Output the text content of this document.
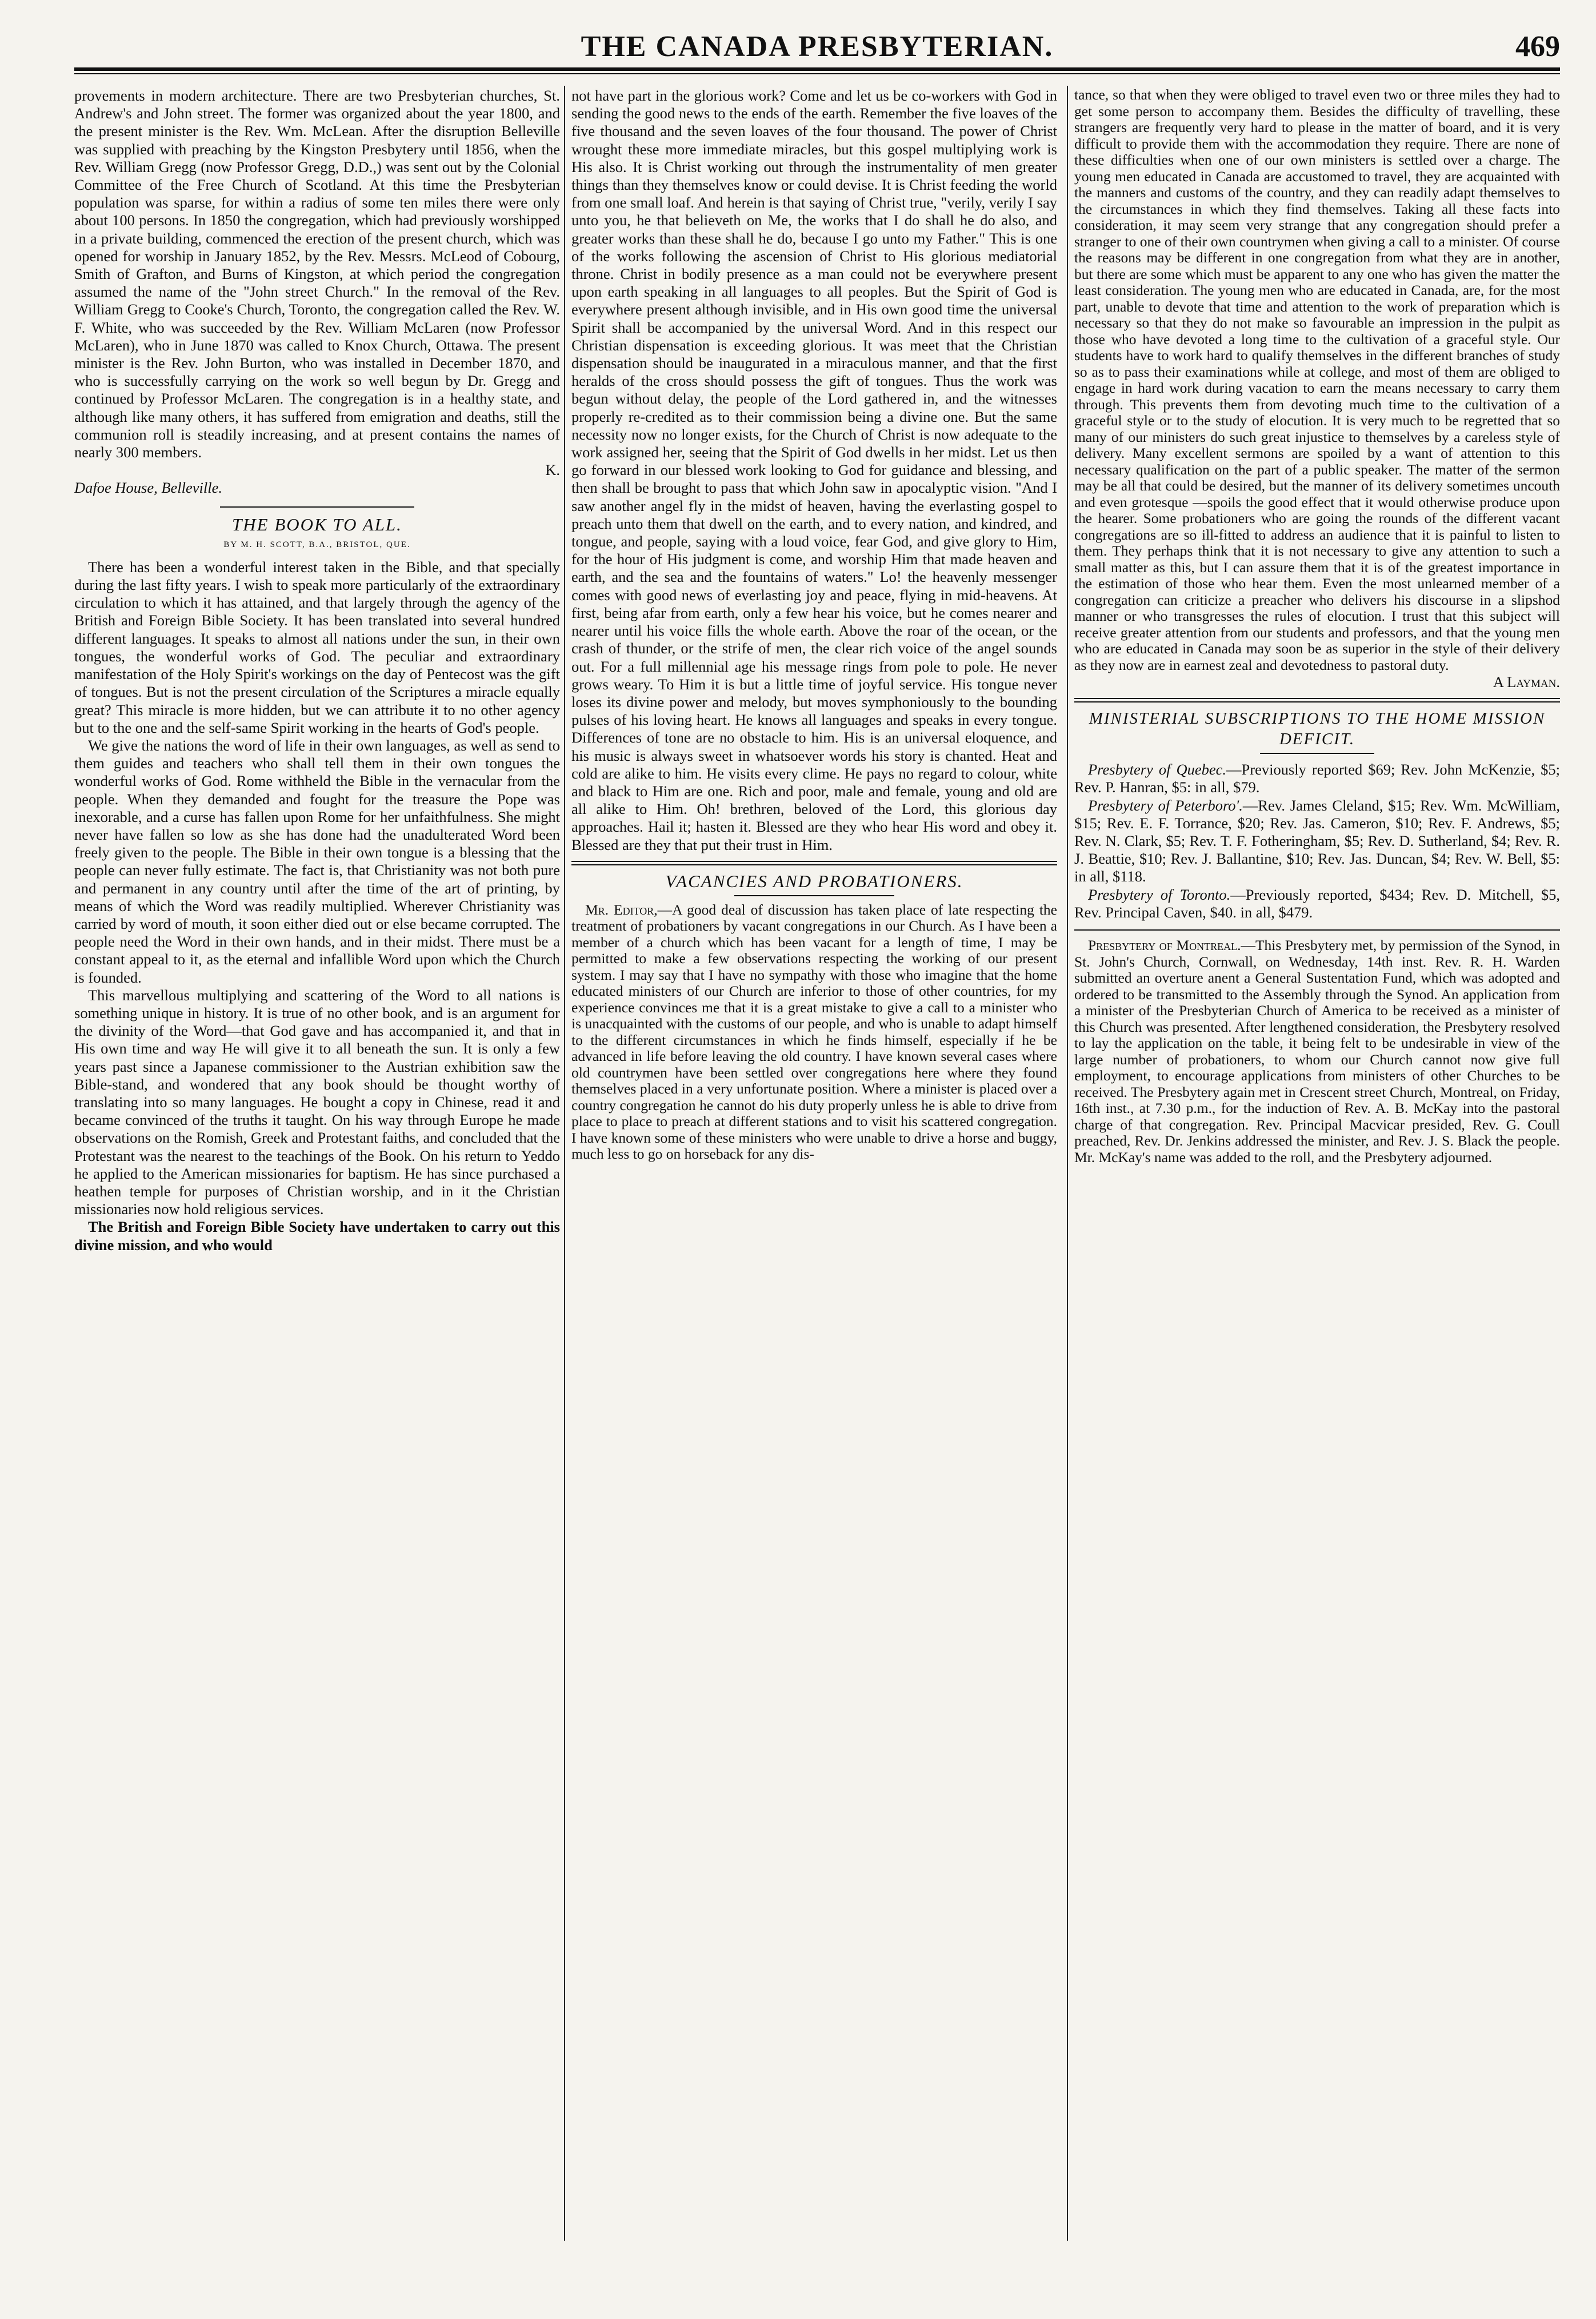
THE CANADA PRESBYTERIAN.	469

provements in modern architecture. There are two Presbyterian churches, St. Andrew's and John street. The former was organized about the year 1800, and the present minister is the Rev. Wm. McLean. After the disruption Belleville was supplied with preaching by the Kingston Presbytery until 1856, when the Rev. William Gregg (now Professor Gregg, D.D.,) was sent out by the Colonial Committee of the Free Church of Scotland. At this time the Presbyterian population was sparse, for within a radius of some ten miles there were only about 100 persons. In 1850 the congregation, which had previously worshipped in a private building, commenced the erection of the present church, which was opened for worship in January 1852, by the Rev. Messrs. McLeod of Cobourg, Smith of Grafton, and Burns of Kingston, at which period the congregation assumed the name of the "John street Church." In the removal of the Rev. William Gregg to Cooke's Church, Toronto, the congregation called the Rev. W. F. White, who was succeeded by the Rev. William McLaren (now Professor McLaren), who in June 1870 was called to Knox Church, Ottawa. The present minister is the Rev. John Burton, who was installed in December 1870, and who is successfully carrying on the work so well begun by Dr. Gregg and continued by Professor McLaren. The congregation is in a healthy state, and although like many others, it has suffered from emigration and deaths, still the communion roll is steadily increasing, and at present contains the names of nearly 300 members.

K.

Dafoe House, Belleville.

THE BOOK TO ALL.
BY M. H. SCOTT, B.A., BRISTOL, QUE.

There has been a wonderful interest taken in the Bible, and that specially during the last fifty years. I wish to speak more particularly of the extraordinary circulation to which it has attained, and that largely through the agency of the British and Foreign Bible Society. It has been translated into several hundred different languages. It speaks to almost all nations under the sun, in their own tongues, the wonderful works of God. The peculiar and extraordinary manifestation of the Holy Spirit's workings on the day of Pentecost was the gift of tongues. But is not the present circulation of the Scriptures a miracle equally great? This miracle is more hidden, but we can attribute it to no other agency but to the one and the self-same Spirit working in the hearts of God's people.

We give the nations the word of life in their own languages, as well as send to them guides and teachers who shall tell them in their own tongues the wonderful works of God. Rome withheld the Bible in the vernacular from the people. When they demanded and fought for the treasure the Pope was inexorable, and a curse has fallen upon Rome for her unfaithfulness. She might never have fallen so low as she has done had the unadulterated Word been freely given to the people. The Bible in their own tongue is a blessing that the people can never fully estimate. The fact is, that Christianity was not both pure and permanent in any country until after the time of the art of printing, by means of which the Word was readily multiplied. Wherever Christianity was carried by word of mouth, it soon either died out or else became corrupted. The people need the Word in their own hands, and in their midst. There must be a constant appeal to it, as the eternal and infallible Word upon which the Church is founded.

This marvellous multiplying and scattering of the Word to all nations is something unique in history. It is true of no other book, and is an argument for the divinity of the Word—that God gave and has accompanied it, and that in His own time and way He will give it to all beneath the sun. It is only a few years past since a Japanese commissioner to the Austrian exhibition saw the Bible-stand, and wondered that any book should be thought worthy of translating into so many languages. He bought a copy in Chinese, read it and became convinced of the truths it taught. On his way through Europe he made observations on the Romish, Greek and Protestant faiths, and concluded that the Protestant was the nearest to the teachings of the Book. On his return to Yeddo he applied to the American missionaries for baptism. He has since purchased a heathen temple for purposes of Christian worship, and in it the Christian missionaries now hold religious services.

The British and Foreign Bible Society have undertaken to carry out this divine mission, and who would

not have part in the glorious work? Come and let us be co-workers with God in sending the good news to the ends of the earth. Remember the five loaves of the five thousand and the seven loaves of the four thousand. The power of Christ wrought these more immediate miracles, but this gospel multiplying work is His also. It is Christ working out through the instrumentality of men greater things than they themselves know or could devise. It is Christ feeding the world from one small loaf. And herein is that saying of Christ true, "verily, verily I say unto you, he that believeth on Me, the works that I do shall he do also, and greater works than these shall he do, because I go unto my Father." This is one of the works following the ascension of Christ to His glorious mediatorial throne. Christ in bodily presence as a man could not be everywhere present upon earth speaking in all languages to all peoples. But the Spirit of God is everywhere present although invisible, and in His own good time the universal Spirit shall be accompanied by the universal Word. And in this respect our Christian dispensation is exceeding glorious. It was meet that the Christian dispensation should be inaugurated in a miraculous manner, and that the first heralds of the cross should possess the gift of tongues. Thus the work was begun without delay, the people of the Lord gathered in, and the witnesses properly re-credited as to their commission being a divine one. But the same necessity now no longer exists, for the Church of Christ is now adequate to the work assigned her, seeing that the Spirit of God dwells in her midst. Let us then go forward in our blessed work looking to God for guidance and blessing, and then shall be brought to pass that which John saw in apocalyptic vision. "And I saw another angel fly in the midst of heaven, having the everlasting gospel to preach unto them that dwell on the earth, and to every nation, and kindred, and tongue, and people, saying with a loud voice, fear God, and give glory to Him, for the hour of His judgment is come, and worship Him that made heaven and earth, and the sea and the fountains of waters." Lo! the heavenly messenger comes with good news of everlasting joy and peace, flying in mid-heavens. At first, being afar from earth, only a few hear his voice, but he comes nearer and nearer until his voice fills the whole earth. Above the roar of the ocean, or the crash of thunder, or the strife of men, the clear rich voice of the angel sounds out. For a full millennial age his message rings from pole to pole. He never grows weary. To Him it is but a little time of joyful service. His tongue never loses its divine power and melody, but moves symphoniously to the bounding pulses of his loving heart. He knows all languages and speaks in every tongue. Differences of tone are no obstacle to him. His is an universal eloquence, and his music is always sweet in whatsoever words his story is chanted. Heat and cold are alike to him. He visits every clime. He pays no regard to colour, white and black to Him are one. Rich and poor, male and female, young and old are all alike to Him. Oh! brethren, beloved of the Lord, this glorious day approaches. Hail it; hasten it. Blessed are they who hear His word and obey it. Blessed are they that put their trust in Him.

VACANCIES AND PROBATIONERS.

Mr. Editor,—A good deal of discussion has taken place of late respecting the treatment of probationers by vacant congregations in our Church. As I have been a member of a church which has been vacant for a length of time, I may be permitted to make a few observations respecting the working of our present system. I may say that I have no sympathy with those who imagine that the home educated ministers of our Church are inferior to those of other countries, for my experience convinces me that it is a great mistake to give a call to a minister who is unacquainted with the customs of our people, and who is unable to adapt himself to the different circumstances in which he finds himself, especially if he be advanced in life before leaving the old country. I have known several cases where old countrymen have been settled over congregations here where they found themselves placed in a very unfortunate position. Where a minister is placed over a country congregation he cannot do his duty properly unless he is able to drive from place to place to preach at different stations and to visit his scattered congregation. I have known some of these ministers who were unable to drive a horse and buggy, much less to go on horseback for any dis-

tance, so that when they were obliged to travel even two or three miles they had to get some person to accompany them. Besides the difficulty of travelling, these strangers are frequently very hard to please in the matter of board, and it is very difficult to provide them with the accommodation they require. There are none of these difficulties when one of our own ministers is settled over a charge. The young men educated in Canada are accustomed to travel, they are acquainted with the manners and customs of the country, and they can readily adapt themselves to the circumstances in which they find themselves. Taking all these facts into consideration, it may seem very strange that any congregation should prefer a stranger to one of their own countrymen when giving a call to a minister. Of course the reasons may be different in one congregation from what they are in another, but there are some which must be apparent to any one who has given the matter the least consideration. The young men who are educated in Canada, are, for the most part, unable to devote that time and attention to the work of preparation which is necessary so that they do not make so favourable an impression in the pulpit as those who have devoted a long time to the cultivation of a graceful style. Our students have to work hard to qualify themselves in the different branches of study so as to pass their examinations while at college, and most of them are obliged to engage in hard work during vacation to earn the means necessary to carry them through. This prevents them from devoting much time to the cultivation of a graceful style or to the study of elocution. It is very much to be regretted that so many of our ministers do such great injustice to themselves by a careless style of delivery. Many excellent sermons are spoiled by a want of attention to this necessary qualification on the part of a public speaker. The matter of the sermon may be all that could be desired, but the manner of its delivery sometimes uncouth and even grotesque —spoils the good effect that it would otherwise produce upon the hearer. Some probationers who are going the rounds of the different vacant congregations are so ill-fitted to address an audience that it is painful to listen to them. They perhaps think that it is not necessary to give any attention to such a small matter as this, but I can assure them that it is of the greatest importance in the estimation of those who hear them. Even the most unlearned member of a congregation can criticize a preacher who delivers his discourse in a slipshod manner or who transgresses the rules of elocution. I trust that this subject will receive greater attention from our students and professors, and that the young men who are educated in Canada may soon be as superior in the style of their delivery as they now are in earnest zeal and devotedness to pastoral duty.

A Layman.

MINISTERIAL SUBSCRIPTIONS TO THE HOME MISSION DEFICIT.

Presbytery of Quebec.—Previously reported $69; Rev. John McKenzie, $5; Rev. P. Hanran, $5: in all, $79.

Presbytery of Peterboro'.—Rev. James Cleland, $15; Rev. Wm. McWilliam, $15; Rev. E. F. Torrance, $20; Rev. Jas. Cameron, $10; Rev. F. Andrews, $5; Rev. N. Clark, $5; Rev. T. F. Fotheringham, $5; Rev. D. Sutherland, $4; Rev. R. J. Beattie, $10; Rev. J. Ballantine, $10; Rev. Jas. Duncan, $4; Rev. W. Bell, $5: in all, $118.

Presbytery of Toronto.—Previously reported, $434; Rev. D. Mitchell, $5, Rev. Principal Caven, $40. in all, $479.

Presbytery of Montreal.—This Presbytery met, by permission of the Synod, in St. John's Church, Cornwall, on Wednesday, 14th inst. Rev. R. H. Warden submitted an overture anent a General Sustentation Fund, which was adopted and ordered to be transmitted to the Assembly through the Synod. An application from a minister of the Presbyterian Church of America to be received as a minister of this Church was presented. After lengthened consideration, the Presbytery resolved to lay the application on the table, it being felt to be undesirable in view of the large number of probationers, to whom our Church cannot now give full employment, to encourage applications from ministers of other Churches to be received. The Presbytery again met in Crescent street Church, Montreal, on Friday, 16th inst., at 7.30 p.m., for the induction of Rev. A. B. McKay into the pastoral charge of that congregation. Rev. Principal Macvicar presided, Rev. G. Coull preached, Rev. Dr. Jenkins addressed the minister, and Rev. J. S. Black the people. Mr. McKay's name was added to the roll, and the Presbytery adjourned.
